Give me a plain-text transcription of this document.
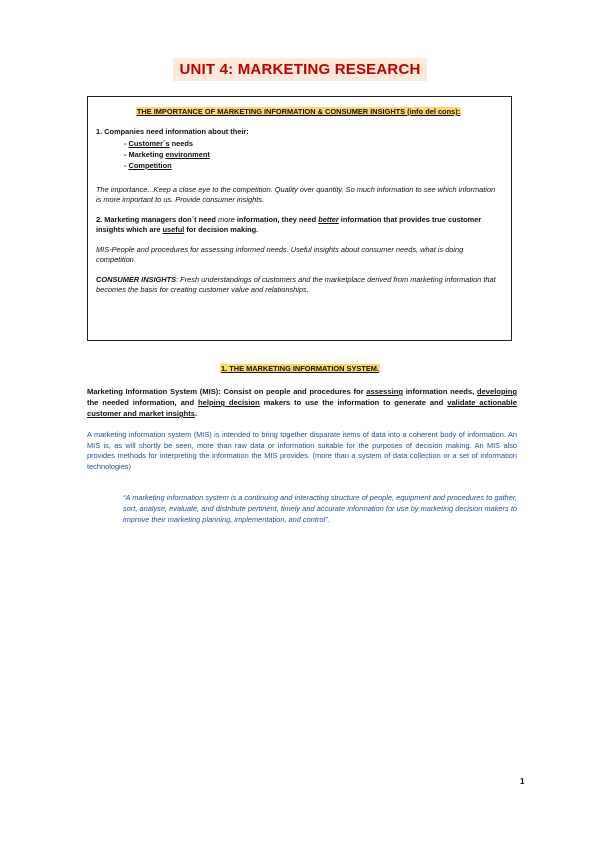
UNIT 4: MARKETING RESEARCH
THE IMPORTANCE OF MARKETING INFORMATION & CONSUMER INSIGHTS (info del cons):
1. Companies need information about their:
- Customer´s needs
- Marketing environment
- Competition
The importance...Keep a close eye to the competition. Quality over quantity. So much information to see which information is more important to us. Provide consumer insights.
2. Marketing managers don´t need more information, they need better information that provides true customer insights which are useful for decision making.
MIS-People and procedures for assessing informed needs. Useful insights about consumer needs, what is doing competition.
CONSUMER INSIGHTS: Fresh understandings of customers and the marketplace derived from marketing information that becomes the basis for creating customer value and relationships.
1. THE MARKETING INFORMATION SYSTEM.
Marketing Information System (MIS): Consist on people and procedures for assessing information needs, developing the needed information, and helping decision makers to use the information to generate and validate actionable customer and market insights.
A marketing information system (MIS) is intended to bring together disparate items of data into a coherent body of information. An MIS is, as will shortly be seen, more than raw data or information suitable for the purposes of decision making. An MIS also provides methods for interpreting the information the MIS provides. (more than a system of data collection or a set of information technologies)
“A marketing information system is a continuing and interacting structure of people, equipment and procedures to gather, sort, analyse, evaluate, and distribute pertinent, timely and accurate information for use by marketing decision makers to improve their marketing planning, implementation, and control”.
1
